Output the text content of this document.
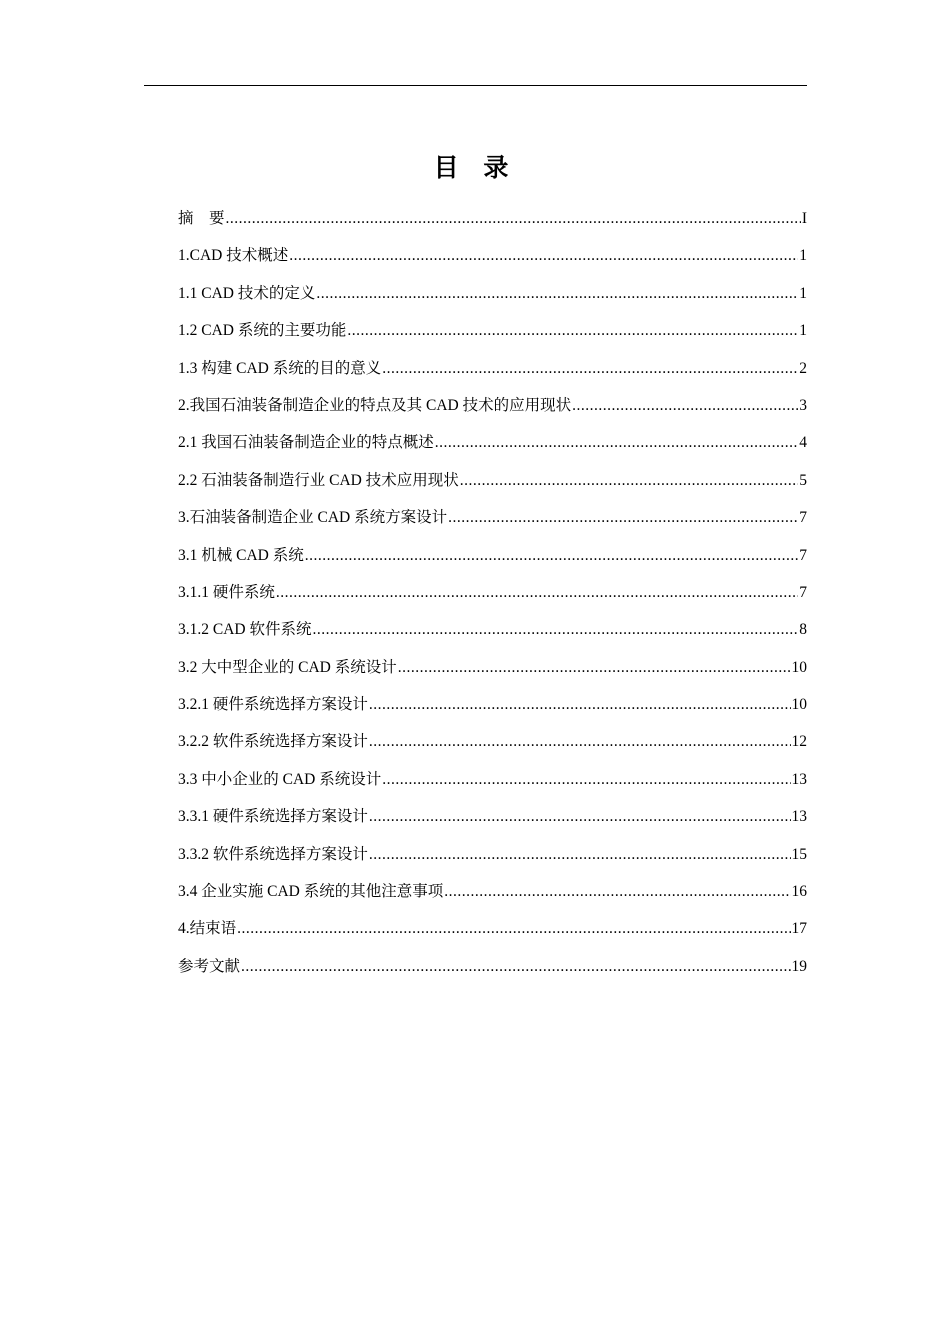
目 录
摘　要 .....	I
1.CAD 技术概述 .....	1
1.1 CAD 技术的定义 .....	1
1.2 CAD 系统的主要功能 .....	1
1.3 构建 CAD 系统的目的意义 .....	2
2.我国石油装备制造企业的特点及其 CAD 技术的应用现状 .....	3
2.1 我国石油装备制造企业的特点概述 .....	4
2.2 石油装备制造行业 CAD 技术应用现状 .....	5
3.石油装备制造企业 CAD 系统方案设计 .....	7
3.1 机械 CAD 系统 .....	7
3.1.1 硬件系统 .....	7
3.1.2 CAD 软件系统 .....	8
3.2 大中型企业的 CAD 系统设计 .....	10
3.2.1 硬件系统选择方案设计 .....	10
3.2.2 软件系统选择方案设计 .....	12
3.3 中小企业的 CAD 系统设计 .....	13
3.3.1 硬件系统选择方案设计 .....	13
3.3.2 软件系统选择方案设计 .....	15
3.4 企业实施 CAD 系统的其他注意事项 .....	16
4.结束语 .....	17
参考文献 .....	19
